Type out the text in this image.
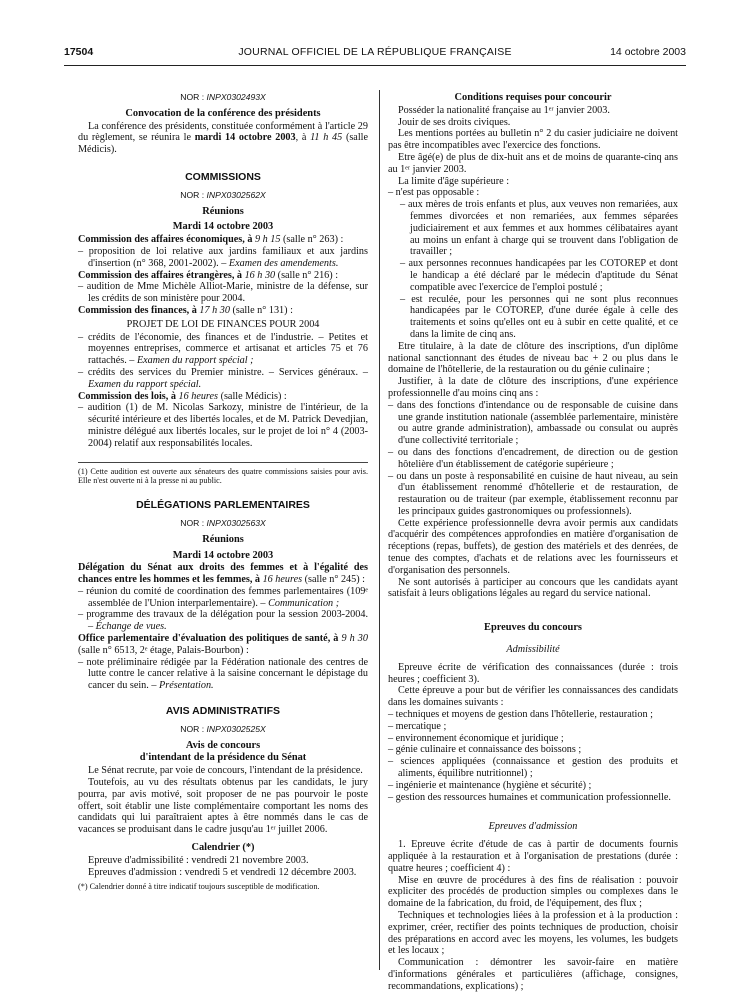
17504	JOURNAL OFFICIEL DE LA RÉPUBLIQUE FRANÇAISE	14 octobre 2003
NOR : INPX0302493X
Convocation de la conférence des présidents

La conférence des présidents, constituée conformément à l'article 29 du règlement, se réunira le mardi 14 octobre 2003, à 11 h 45 (salle Médicis).

COMMISSIONS
NOR : INPX0302562X
Réunions
Mardi 14 octobre 2003

Commission des affaires économiques, à 9 h 15 (salle n° 263) :

– proposition de loi relative aux jardins familiaux et aux jardins d'insertion (n° 368, 2001-2002). – Examen des amendements.

Commission des affaires étrangères, à 16 h 30 (salle n° 216) :

– audition de Mme Michèle Alliot-Marie, ministre de la défense, sur les crédits de son ministère pour 2004.

Commission des finances, à 17 h 30 (salle n° 131) :

PROJET DE LOI DE FINANCES POUR 2004
– crédits de l'économie, des finances et de l'industrie. – Petites et moyennes entreprises, commerce et artisanat et articles 75 et 76 rattachés. – Examen du rapport spécial ;
– crédits des services du Premier ministre. – Services généraux. – Examen du rapport spécial.

Commission des lois, à 16 heures (salle Médicis) :

– audition (1) de M. Nicolas Sarkozy, ministre de l'intérieur, de la sécurité intérieure et des libertés locales, et de M. Patrick Devedjian, ministre délégué aux libertés locales, sur le projet de loi n° 4 (2003-2004) relatif aux responsabilités locales.
(1) Cette audition est ouverte aux sénateurs des quatre commissions saisies pour avis. Elle n'est ouverte ni à la presse ni au public.
DÉLÉGATIONS PARLEMENTAIRES
NOR : INPX0302563X
Réunions
Mardi 14 octobre 2003

Délégation du Sénat aux droits des femmes et à l'égalité des chances entre les hommes et les femmes, à 16 heures (salle n° 245) :

– réunion du comité de coordination des femmes parlementaires (109ᵉ assemblée de l'Union interparlementaire). – Communication ;
– programme des travaux de la délégation pour la session 2003-2004. – Échange de vues.

Office parlementaire d'évaluation des politiques de santé, à 9 h 30 (salle n° 6513, 2ᵉ étage, Palais-Bourbon) :

– note préliminaire rédigée par la Fédération nationale des centres de lutte contre le cancer relative à la saisine concernant le dépistage du cancer du sein. – Présentation.
AVIS ADMINISTRATIFS
NOR : INPX0302525X
Avis de concours
d'intendant de la présidence du Sénat

Le Sénat recrute, par voie de concours, l'intendant de la présidence.

Toutefois, au vu des résultats obtenus par les candidats, le jury pourra, par avis motivé, soit proposer de ne pas pourvoir le poste offert, soit établir une liste complémentaire comportant les noms des candidats qui lui paraîtraient aptes à être nommés dans le cas de vacances se produisant dans le cadre jusqu'au 1ᵉʳ juillet 2006.

Calendrier (*)

Epreuve d'admissibilité : vendredi 21 novembre 2003.

Epreuves d'admission : vendredi 5 et vendredi 12 décembre 2003.

(*) Calendrier donné à titre indicatif toujours susceptible de modification.
Conditions requises pour concourir

Posséder la nationalité française au 1ᵉʳ janvier 2003.

Jouir de ses droits civiques.

Les mentions portées au bulletin n° 2 du casier judiciaire ne doivent pas être incompatibles avec l'exercice des fonctions.

Etre âgé(e) de plus de dix-huit ans et de moins de quarante-cinq ans au 1ᵉʳ janvier 2003.

La limite d'âge supérieure :

– n'est pas opposable :
– aux mères de trois enfants et plus, aux veuves non remariées, aux femmes divorcées et non remariées, aux femmes séparées judiciairement et aux femmes et aux hommes célibataires ayant au moins un enfant à charge qui se trouvent dans l'obligation de travailler ;
– aux personnes reconnues handicapées par les COTOREP et dont le handicap a été déclaré par le médecin d'aptitude du Sénat compatible avec l'exercice de l'emploi postulé ;
– est reculée, pour les personnes qui ne sont plus reconnues handicapées par le COTOREP, d'une durée égale à celle des traitements et soins qu'elles ont eu à subir en cette qualité, et ce dans la limite de cinq ans.

Etre titulaire, à la date de clôture des inscriptions, d'un diplôme national sanctionnant des études de niveau bac + 2 ou plus dans le domaine de l'hôtellerie, de la restauration ou du génie culinaire ;

Justifier, à la date de clôture des inscriptions, d'une expérience professionnelle d'au moins cinq ans :

– dans des fonctions d'intendance ou de responsable de cuisine dans une grande institution nationale (assemblée parlementaire, ministère ou autre grande administration), ambassade ou consulat ou auprès d'une collectivité territoriale ;
– ou dans des fonctions d'encadrement, de direction ou de gestion hôtelière d'un établissement de catégorie supérieure ;
– ou dans un poste à responsabilité en cuisine de haut niveau, au sein d'un établissement renommé d'hôtellerie et de restauration, de restauration ou de traiteur (par exemple, établissement reconnu par les principaux guides gastronomiques ou professionnels).

Cette expérience professionnelle devra avoir permis aux candidats d'acquérir des compétences approfondies en matière d'organisation de réceptions (repas, buffets), de gestion des matériels et des denrées, de tenue des comptes, d'achats et de relations avec les fournisseurs et d'organisation des personnels.

Ne sont autorisés à participer au concours que les candidats ayant satisfait à leurs obligations légales au regard du service national.

Epreuves du concours
Admissibilité

Epreuve écrite de vérification des connaissances (durée : trois heures ; coefficient 3).

Cette épreuve a pour but de vérifier les connaissances des candidats dans les domaines suivants :

– techniques et moyens de gestion dans l'hôtellerie, restauration ;
– mercatique ;
– environnement économique et juridique ;
– génie culinaire et connaissance des boissons ;
– sciences appliquées (connaissance et gestion des produits et aliments, équilibre nutritionnel) ;
– ingénierie et maintenance (hygiène et sécurité) ;
– gestion des ressources humaines et communication professionnelle.
Epreuves d'admission

1. Epreuve écrite d'étude de cas à partir de documents fournis appliquée à la restauration et à l'organisation de prestations (durée : quatre heures ; coefficient 4) :

Mise en œuvre de procédures à des fins de réalisation : pouvoir expliciter des procédés de production simples ou complexes dans le domaine de la fabrication, du froid, de l'équipement, des flux ;

Techniques et technologies liées à la profession et à la production : exprimer, créer, rectifier des points techniques de production, choisir des préparations en accord avec les moyens, les volumes, les budgets et les locaux ;

Communication : démontrer les savoir-faire en matière d'informations générales et particulières (affichage, consignes, recommandations, explications) ;
